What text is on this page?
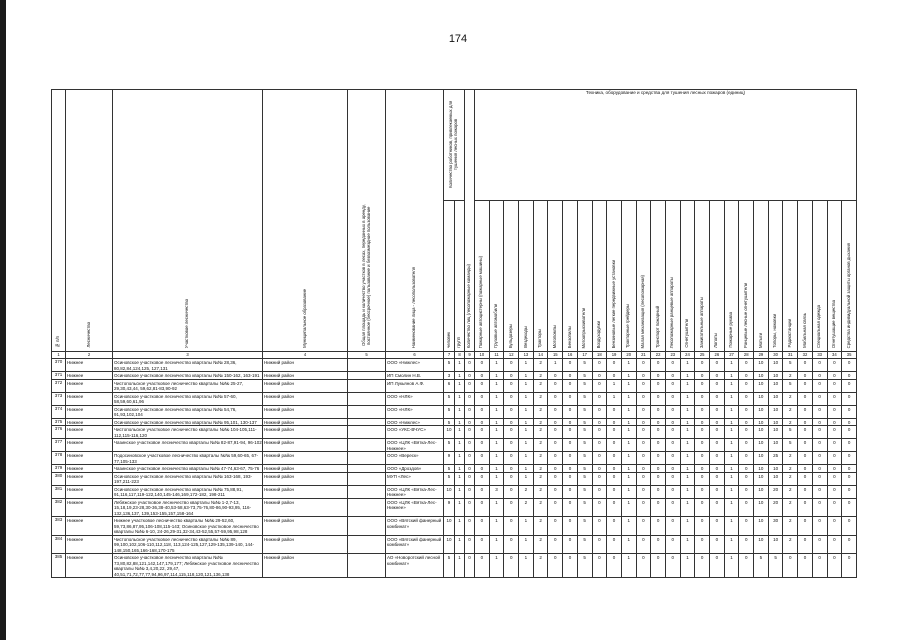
174
№ п/п	Лесничество	Участковое лесничество	Муниципальное образование	Общая площадь и количество участков в лесах, переданных в аренду, постоянное (бессрочное) пользование и безвозмездное пользование	Наименование лица - лесопользователя	Количество работников, привлекаемых для тушения лесных пожаров		Количество лиц (лесопожарные команды)	Техника, оборудование и средства для тушения лесных пожаров (единиц)																									

						человек	групп		Пожарные автоцистерны (пожарные машины)	Грузовые автомобили	Бульдозеры	Вездеходы	Тракторы	Мотопомпы	Бензопилы	Мотоопрыскиватели	Воздуходувки	Бензиновые легкие передвижные установки	Тракторные грейдеры	Малая механизация (лесопожарная)	Транспорт пожарный	Лесопожарные ранцевые аппараты	Огнетушители	Зажигательные аппараты	Лопаты	Пожарные рукава	Ранцевые лесные огнетушители	Мотыги	Топоры, ножовки	Радиостанции	Мобильная связь	Специальная одежда	Огнетушащие вещества	Средства индивидуальной защиты органов дыхания

1	2	3	4	5	6	7	8	9	10	11	12	13	14	15	16	17	18	19	20	21	22	23	24	25	26	27	28	29	30	31	32	33	34	35
370	Нижнее	Осиновское участковое лесничество кварталы №№ 28,36, 80,82,84,124,125, 127,131	Нижний район		ООО «Нижлес»	5	1	0	0	1	0	1	2	1	0	5	0	0	1	0	0	0	1	0	0	1	0	10	10	5	0	0	0	0
371	Нижнее	Осиновское участковое лесничество кварталы №№ 150-162, 163-191	Нижний район		ИП Смолин Н.В.	3	1	0	0	1	0	1	2	0	0	5	0	0	1	0	0	0	1	0	0	1	0	10	10	2	0	0	0	0
372	Нижнее	Чистопольское участковое лесничество кварталы №№ 25-27, 29,30,43,44, 59,62,81-83,90-92	Нижний район		ИП Лукьянов А.Ф.	6	1	0	0	1	0	1	2	0	0	5	0	1	1	0	0	0	1	0	0	1	0	10	10	5	0	0	0	0
373	Нижнее	Осиновское участковое лесничество кварталы №№ 57-60, 58,59,60,61,96	Нижний район		ООО «НЛК»	5	1	0	0	1	0	1	2	0	0	5	0	1	1	0	0	0	1	0	0	1	0	10	10	2	0	0	0	0
374	Нижнее	Осиновское участковое лесничество кварталы №№ 54,76, 91,93,102,104	Нижний район		ООО «НЛК»	5	1	0	0	1	0	1	2	0	0	5	0	0	1	0	0	0	1	0	0	1	0	10	10	2	0	0	0	0
375	Нижнее	Осиновское участковое лесничество кварталы №№ 95,101, 130-137	Нижний район		ООО «Нижлес»	5	1	0	0	1	0	1	2	0	0	5	0	0	1	0	0	0	1	0	0	1	0	10	10	2	0	0	0	0
376	Нижнее	Чистопольское участковое лесничество кварталы №№ 104-105,111-112,115-116,120	Нижний район		ООО «УКС-ВЧУС»	10	1	0	0	1	0	1	2	0	0	5	0	0	1	0	0	0	1	0	0	1	0	10	10	5	0	0	0	0
377	Нижнее	Чазинское участковое лесничество кварталы №№ 82-87,91-94, 96-102	Нижний район		ООО «ЦЛК «Вятка-Лес-Нижнее»	5	1	0	0	1	0	1	2	0	0	5	0	0	1	0	0	0	1	0	0	1	0	10	10	5	0	0	0	0
378	Нижнее	Подосиновское участковое лесничество кварталы №№ 59,60-65, 67-77,105-133	Нижний район		ООО «Вереск»	9	1	0	0	1	0	1	2	0	0	5	0	0	1	0	0	0	1	0	0	1	0	10	25	2	0	0	0	0
379	Нижнее	Чазинское участковое лесничество кварталы №№ 47-74,63-67, 75-76	Нижний район		ООО «Дроздов»	5	1	0	0	1	0	1	2	0	0	5	0	0	1	0	0	0	1	0	0	1	0	10	10	2	0	0	0	0
380	Нижнее	Осиновское участковое лесничество кварталы №№ 163-168, 193-197,211-223	Нижний район		МУП «Лес»	5	1	0	0	1	0	1	2	0	0	5	0	0	1	0	0	0	1	0	0	1	0	10	10	2	0	0	0	0
381	Нижнее	Осиновское участковое лесничество кварталы №№ 75,88,91, 91,116,117,119-122,140,145-146,169,172-182, 198-211	Нижний район		ООО «ЦЛК «Вятка-Лес-Нижнее»	10	1	0	0	3	0	2	2	0	0	5	0	0	1	0	0	0	1	0	0	1	0	10	20	2	0	0	0	0
382	Нижнее	Лебяжское участковое лесничество кварталы №№ 1-2,7-13, 15,18,19,23-28,30-36,38-40,53-58,63-73,75-76,80-86,90-93,95, 116-132,136,137, 139,153-155,157,158-164	Нижний район		ООО «ЦЛК «Вятка-Лес-Нижнее»	9	1	0	0	1	0	2	2	0	0	5	0	0	1	0	0	0	1	0	0	1	0	10	20	2	0	0	0	0
383	Нижнее	Нижнее участковое лесничество кварталы №№ 29-52,60, 59,73,86,87,95,106-108,115-143; Осиновское участковое лесничество кварталы №№ 6-10, 24-26,29-31,32-34,43-52,55,57-59,95,98,128	Нижний район		ООО «Вятский фанерный комбинат»	10	1	0	0	1	0	1	2	0	0	5	0	0	1	0	0	0	1	0	0	1	0	10	30	2	0	0	0	0
384	Нижнее	Чистопольское участковое лесничество кварталы №№ 89, 99,100,102,106-110,112,118, 113,124-125,127,129-135,139-140, 144-148,150,165,166-168,170-175	Нижний район		ООО «Вятский фанерный комбинат»	10	1	0	0	1	0	1	2	0	0	5	0	0	1	0	0	0	1	0	0	1	0	10	10	2	0	0	0	0
385	Нижнее	Осиновское участковое лесничество кварталы №№ 73,80,82,88,121,142,147,179,177; Лебяжское участковое лесничество кварталы №№ 3,4,20,22, 29,47, 40,51,71,72,77,77,94,96,97,114,115,118,120,121,136,138	Нижний район		АО «Новоротский лесной комбинат»	5	1	0	0	1	0	1	2	0	0	5	0	0	1	0	0	0	1	0	0	1	0	5	5	0	0	0	0	0
